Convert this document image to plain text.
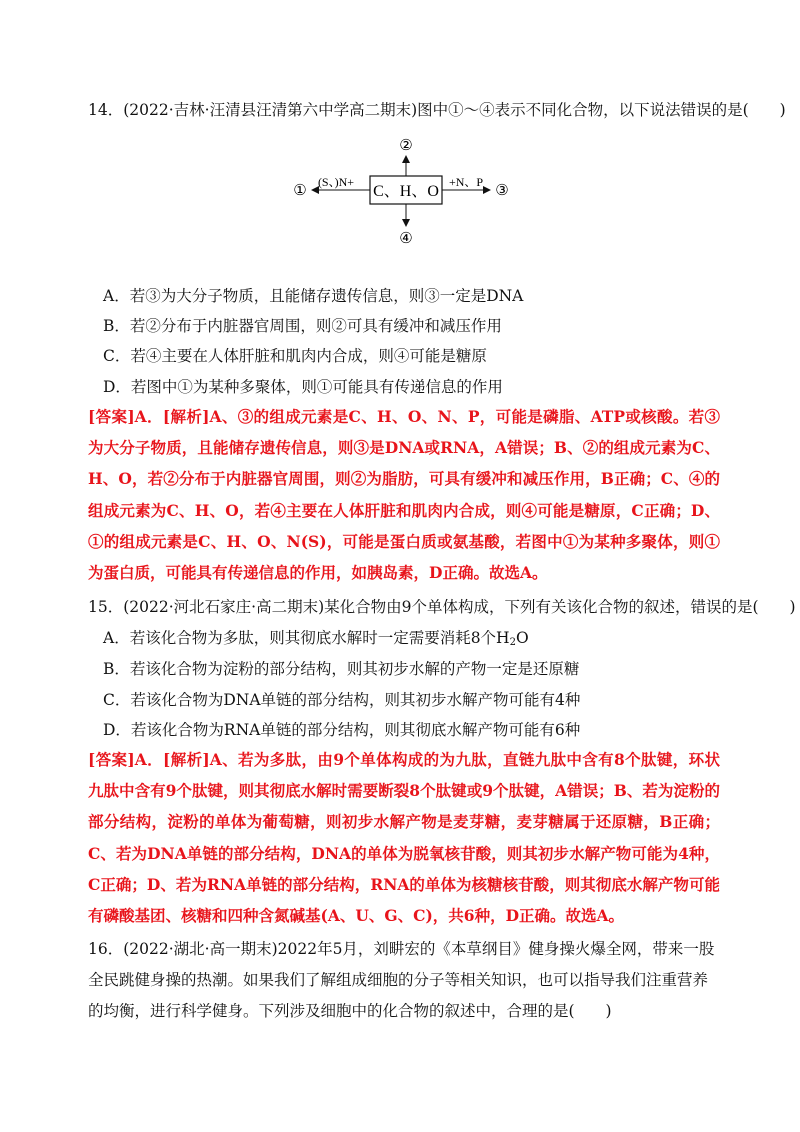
14．(2022·吉林·汪清县汪清第六中学高二期末)图中①～④表示不同化合物，以下说法错误的是(　　)
C、H、O
②
④
(S、)N+
①	+N、P ③
A．若③为大分子物质，且能储存遗传信息，则③一定是DNA
B．若②分布于内脏器官周围，则②可具有缓冲和减压作用
C．若④主要在人体肝脏和肌肉内合成，则④可能是糖原
D．若图中①为某种多聚体，则①可能具有传递信息的作用
[答案]A．[解析]A、③的组成元素是C、H、O、N、P，可能是磷脂、ATP或核酸。若③为大分子物质，且能储存遗传信息，则③是DNA或RNA，A错误；B、②的组成元素为C、H、O，若②分布于内脏器官周围，则②为脂肪，可具有缓冲和减压作用，B正确；C、④的组成元素为C、H、O，若④主要在人体肝脏和肌肉内合成，则④可能是糖原，C正确；D、①的组成元素是C、H、O、N(S)，可能是蛋白质或氨基酸，若图中①为某种多聚体，则①为蛋白质，可能具有传递信息的作用，如胰岛素，D正确。故选A。
15．(2022·河北石家庄·高二期末)某化合物由9个单体构成，下列有关该化合物的叙述，错误的是(　　)
A．若该化合物为多肽，则其彻底水解时一定需要消耗8个$H_2O$
B．若该化合物为淀粉的部分结构，则其初步水解的产物一定是还原糖
C．若该化合物为DNA单链的部分结构，则其初步水解产物可能有4种
D．若该化合物为RNA单链的部分结构，则其彻底水解产物可能有6种
[答案]A．[解析]A、若为多肽，由9个单体构成的为九肽，直链九肽中含有8个肽键，环状九肽中含有9个肽键，则其彻底水解时需要断裂8个肽键或9个肽键，A错误；B、若为淀粉的部分结构，淀粉的单体为葡萄糖，则初步水解产物是麦芽糖，麦芽糖属于还原糖，B正确；C、若为DNA单链的部分结构，DNA的单体为脱氧核苷酸，则其初步水解产物可能为4种，C正确；D、若为RNA单链的部分结构，RNA的单体为核糖核苷酸，则其彻底水解产物可能有磷酸基团、核糖和四种含氮碱基(A、U、G、C)，共6种，D正确。故选A。
16．(2022·湖北·高一期末)2022年5月，刘畊宏的《本草纲目》健身操火爆全网，带来一股全民跳健身操的热潮。如果我们了解组成细胞的分子等相关知识，也可以指导我们注重营养的均衡，进行科学健身。下列涉及细胞中的化合物的叙述中，合理的是(　　)
